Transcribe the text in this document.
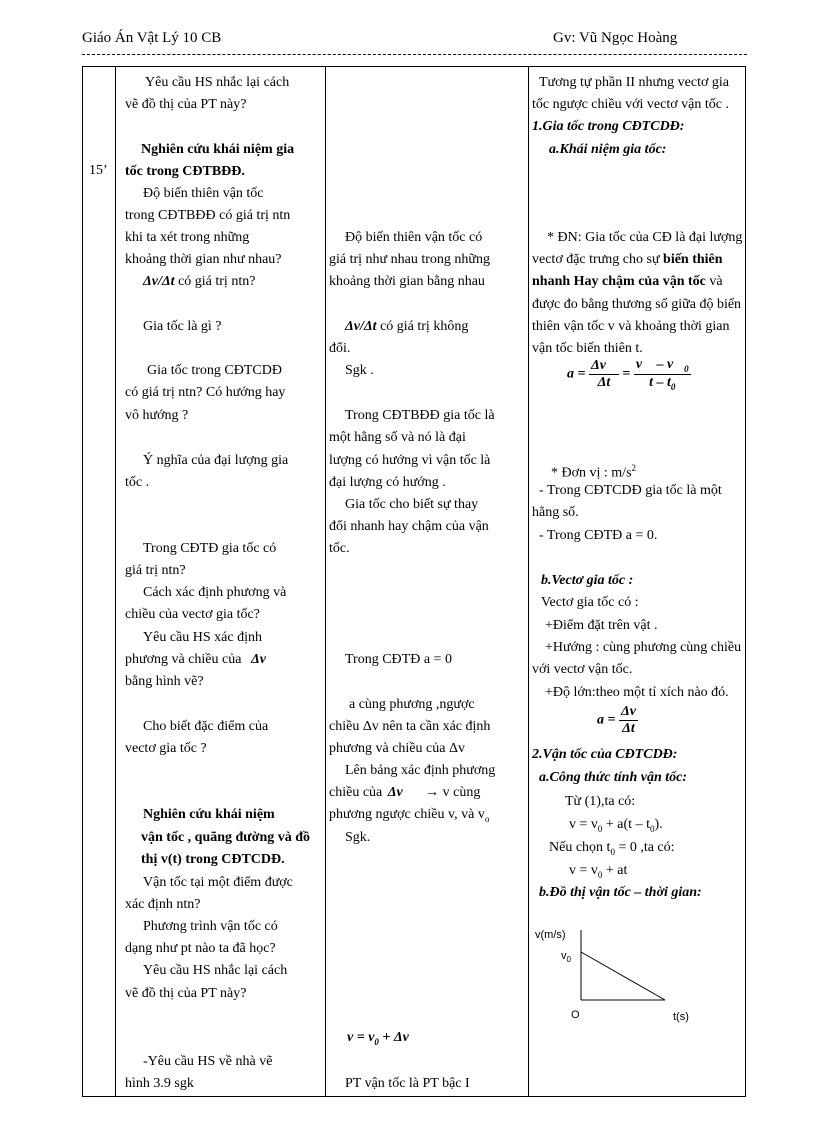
Giáo Án Vật Lý 10 CB	Gv: Vũ Ngọc Hoàng
15’
Yêu cầu HS nhắc lại cách
vẽ đồ thị của PT này?
Nghiên cứu khái niệm gia
tốc trong CĐTBĐĐ.
Độ biến thiên vận tốc
trong CĐTBĐĐ có giá trị ntn
khi ta xét trong những
khoảng thời gian như nhau?
Δv/Δt có giá trị ntn?
Gia tốc là gì ?
Gia tốc trong CĐTCDĐ
có giá trị ntn? Có hướng hay
vô hướng ?
Ý nghĩa của đại lượng gia
tốc .
Trong CĐTĐ gia tốc có
giá trị ntn?
Cách xác định phương và
chiều của vectơ gia tốc?
Yêu cầu HS xác định
phương và chiều của Δv⃗
bằng hình vẽ?
Cho biết đặc điểm của
vectơ gia tốc ?
Nghiên cứu khái niệm
vận tốc , quãng đường và đồ
thị v(t) trong CĐTCDĐ.
Vận tốc tại một điểm được
xác định ntn?
Phương trình vận tốc có
dạng như pt nào ta đã học?
Yêu cầu HS nhắc lại cách
vẽ đồ thị của PT này?
-Yêu cầu HS về nhà vẽ
hình 3.9 sgk
Độ biến thiên vận tốc có
giá trị như nhau trong những
khoảng thời gian bằng nhau
Δv/Δt có giá trị không
đổi.
Sgk .
Trong CĐTBĐĐ gia tốc là
một hằng số và nó là đại
lượng có hướng vì vận tốc là
đại lượng có hướng .
Gia tốc cho biết sự thay
đổi nhanh hay chậm của vận
tốc.
Trong CĐTĐ a = 0
a cùng phương ,ngược
chiều Δv nên ta cần xác định
phương và chiều của Δv
Lên bảng xác định phương
chiều của Δv⃗ → v cùng
phương ngược chiều v, và $v_o$
Sgk.
$v = v_0 + \Delta v$
PT vận tốc là PT bậc I
Tương tự phần II nhưng vectơ gia
tốc ngược chiều với vectơ vận tốc .
1.Gia tốc trong CĐTCDĐ:
a.Khái niệm gia tốc:
* ĐN: Gia tốc của CĐ là đại lượng
vectơ đặc trưng cho sự biến thiên
nhanh Hay chậm của vận tốc và
được đo bằng thương số giữa độ biến
thiên vận tốc v và khoảng thời gian
vận tốc biến thiên t.
$a = \frac{\Delta v⃗}{\Delta t} = \frac{v⃗ - v⃗_0}{t - t_0}$
* Đơn vị : $m/s^2$
- Trong CĐTCDĐ gia tốc là một
hằng số.
- Trong CĐTĐ a = 0.
b.Vectơ gia tốc :
Vectơ gia tốc có :
+Điểm đặt trên vật .
+Hướng : cùng phương cùng chiều
với vectơ vận tốc.
+Độ lớn:theo một tỉ xích nào đó.
$a = \frac{\Delta v}{\Delta t}$
2.Vận tốc của CĐTCDĐ:
a.Công thức tính vận tốc:
Từ (1),ta có:
$v = v_0 + a(t - t_0)$.
Nếu chọn $t_0 = 0$ ,ta có:
$v = v_0$ + at
b.Đồ thị vận tốc – thời gian:
v(m/s)
$v_0$
O	t(s)
